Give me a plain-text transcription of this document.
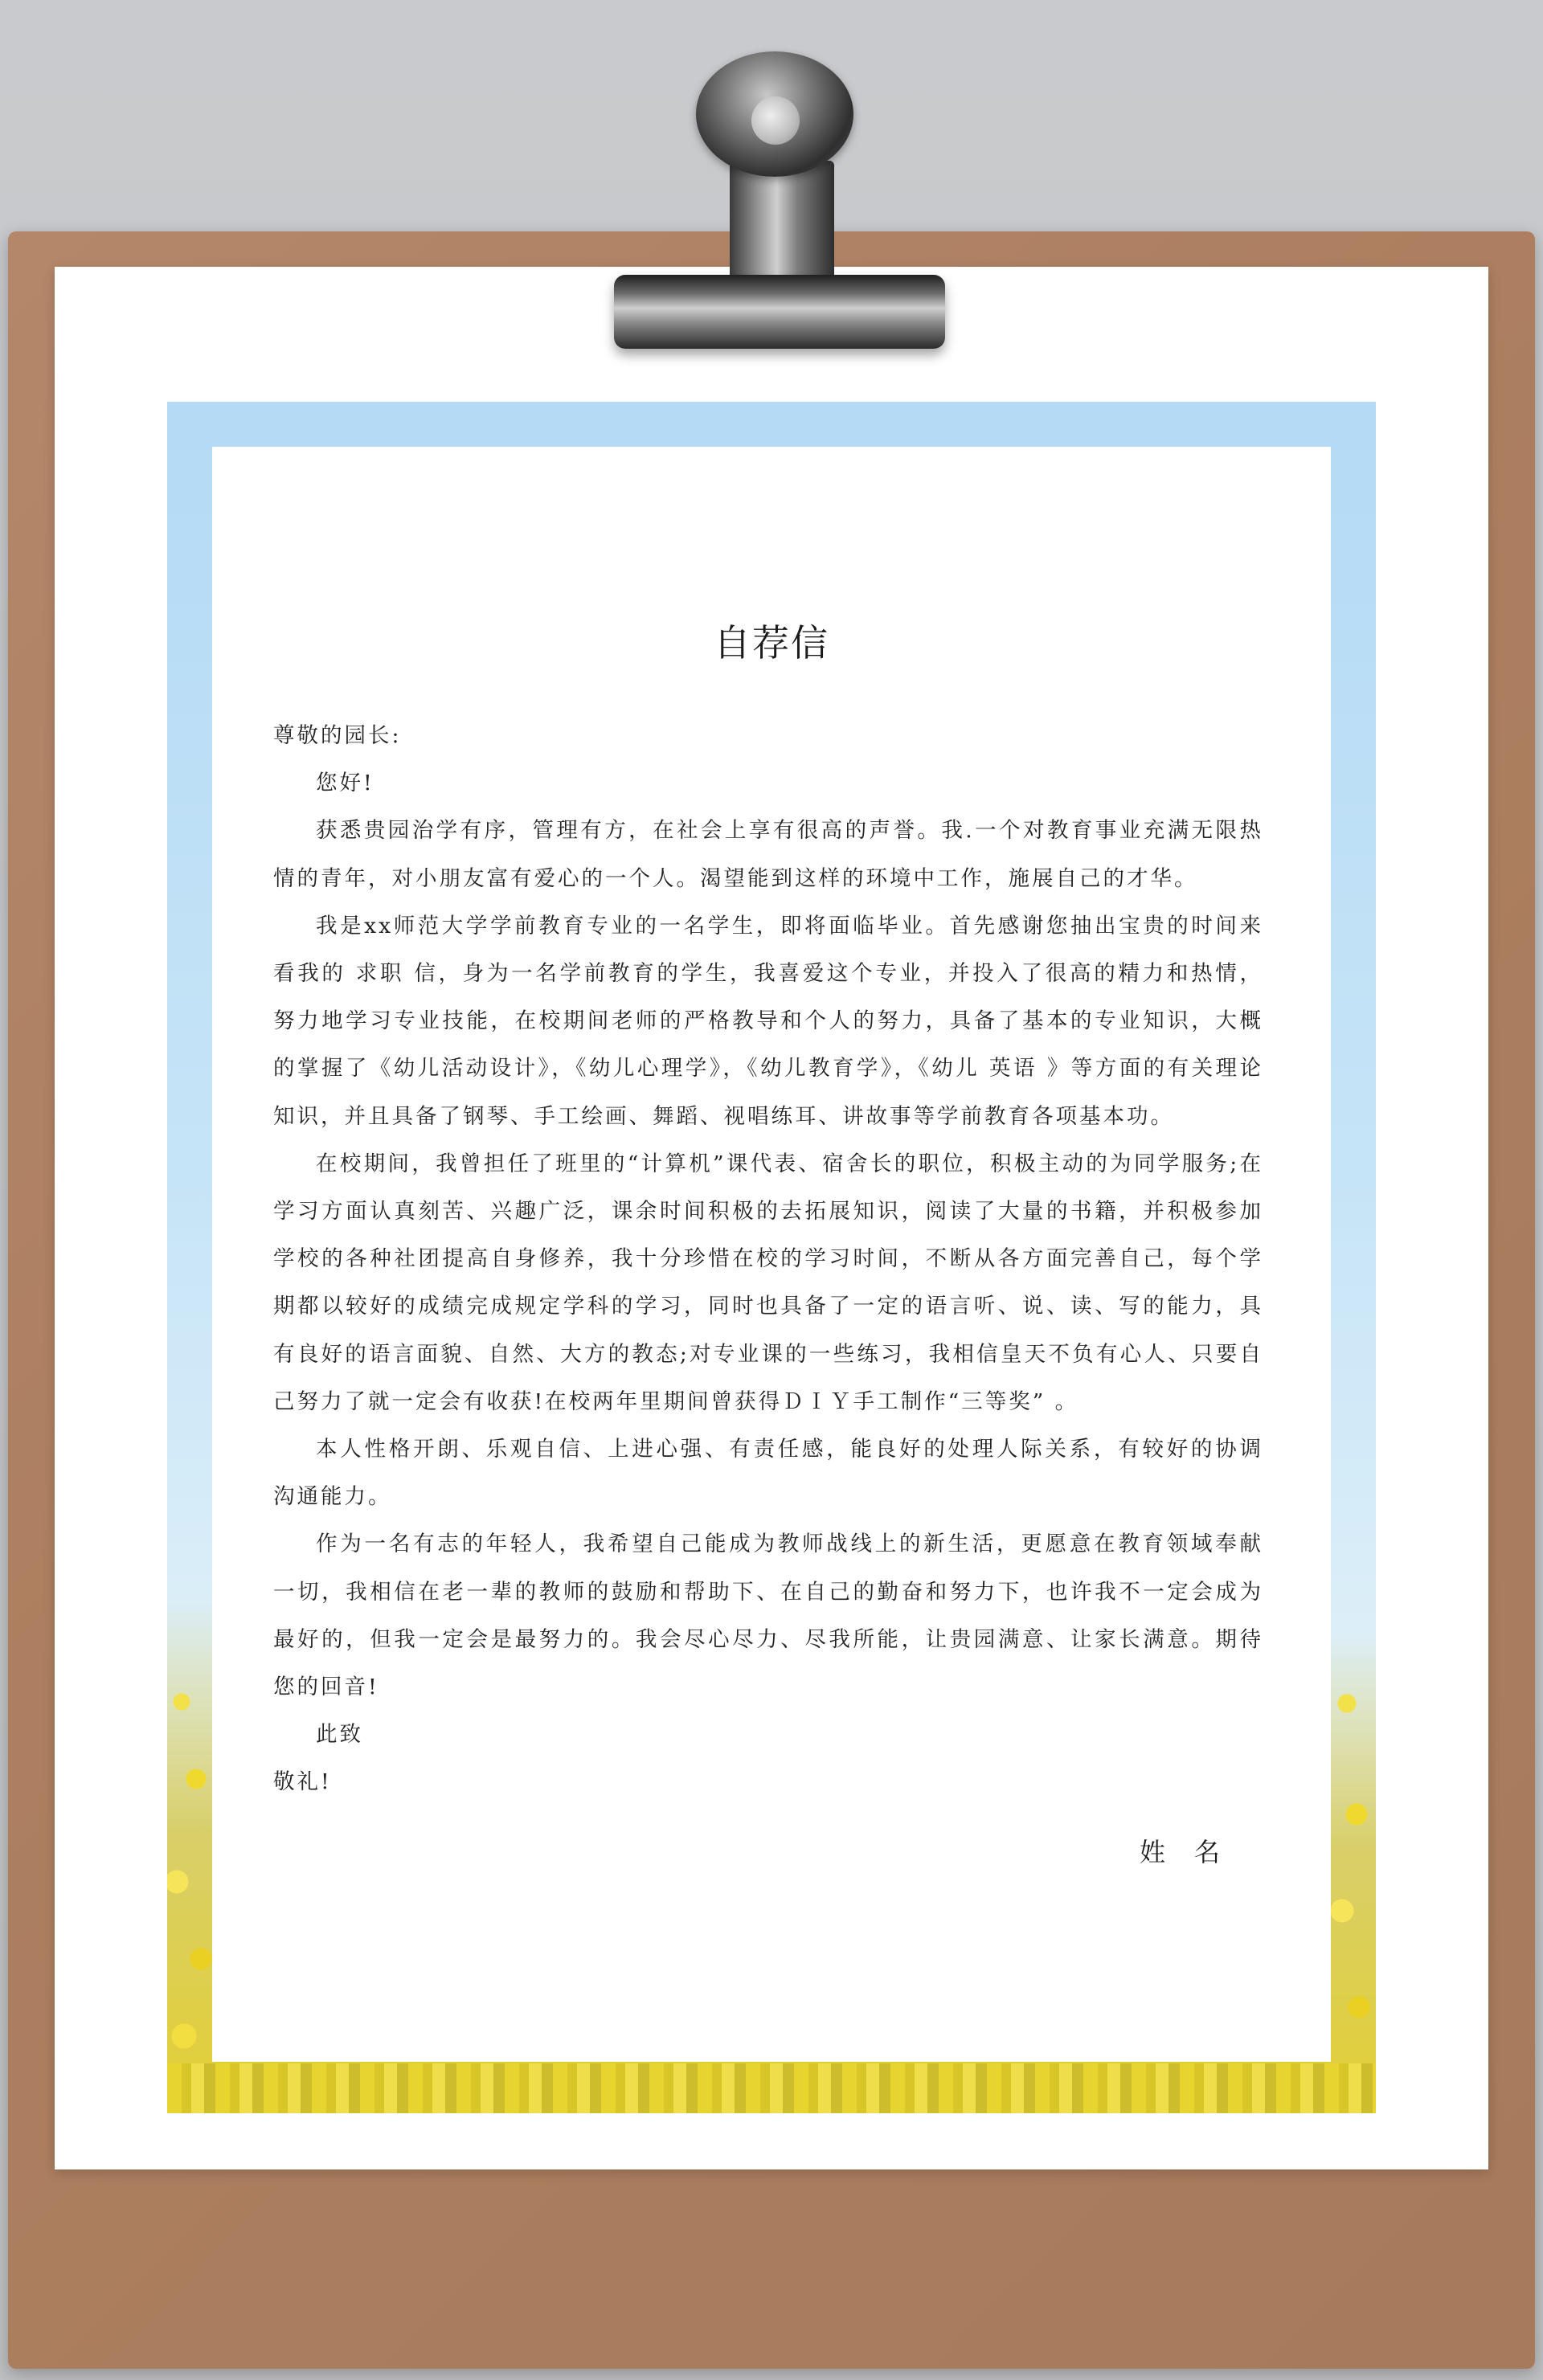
自荐信

尊敬的园长:

您好!

获悉贵园治学有序，管理有方，在社会上享有很高的声誉。我.一个对教育事业充满无限热情的青年，对小朋友富有爱心的一个人。渴望能到这样的环境中工作，施展自己的才华。

我是xx师范大学学前教育专业的一名学生，即将面临毕业。首先感谢您抽出宝贵的时间来看我的 求职 信，身为一名学前教育的学生，我喜爱这个专业，并投入了很高的精力和热情，努力地学习专业技能，在校期间老师的严格教导和个人的努力，具备了基本的专业知识，大概的掌握了《幼儿活动设计》，《幼儿心理学》，《幼儿教育学》，《幼儿 英语 》等方面的有关理论知识，并且具备了钢琴、手工绘画、舞蹈、视唱练耳、讲故事等学前教育各项基本功。

在校期间，我曾担任了班里的“计算机”课代表、宿舍长的职位，积极主动的为同学服务;在学习方面认真刻苦、兴趣广泛，课余时间积极的去拓展知识，阅读了大量的书籍，并积极参加学校的各种社团提高自身修养，我十分珍惜在校的学习时间，不断从各方面完善自己，每个学期都以较好的成绩完成规定学科的学习，同时也具备了一定的语言听、说、读、写的能力，具有良好的语言面貌、自然、大方的教态;对专业课的一些练习，我相信皇天不负有心人、只要自己努力了就一定会有收获!在校两年里期间曾获得ＤＩＹ手工制作“三等奖” 。

本人性格开朗、乐观自信、上进心强、有责任感，能良好的处理人际关系，有较好的协调沟通能力。

作为一名有志的年轻人，我希望自己能成为教师战线上的新生活，更愿意在教育领域奉献一切，我相信在老一辈的教师的鼓励和帮助下、在自己的勤奋和努力下，也许我不一定会成为最好的，但我一定会是最努力的。我会尽心尽力、尽我所能，让贵园满意、让家长满意。期待您的回音!

此致

敬礼!

姓名
